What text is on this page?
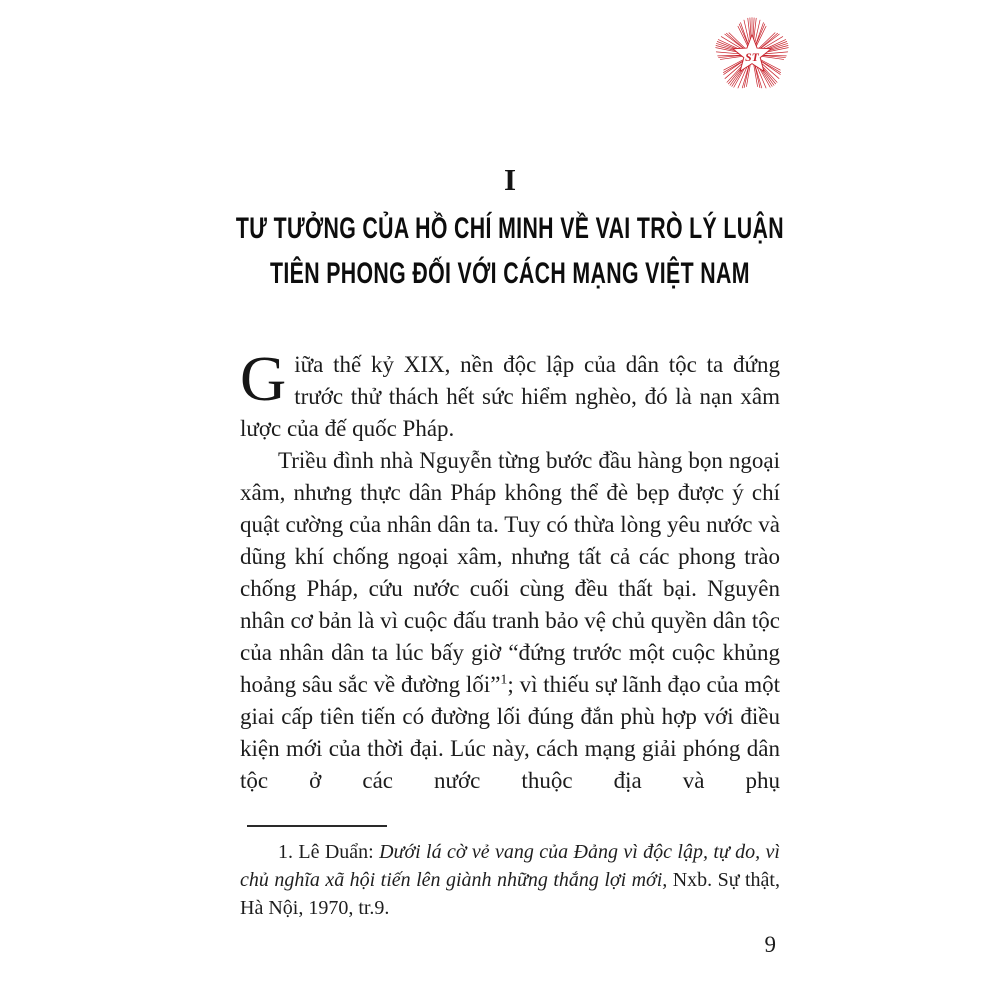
ST
I
TƯ TƯỞNG CỦA HỒ CHÍ MINH VỀ VAI TRÒ LÝ LUẬN
TIÊN PHONG ĐỐI VỚI CÁCH MẠNG VIỆT NAM

Giữa thế kỷ XIX, nền độc lập của dân tộc ta đứng trước thử thách hết sức hiểm nghèo, đó là nạn xâm lược của đế quốc Pháp.

Triều đình nhà Nguyễn từng bước đầu hàng bọn ngoại xâm, nhưng thực dân Pháp không thể đè bẹp được ý chí quật cường của nhân dân ta. Tuy có thừa lòng yêu nước và dũng khí chống ngoại xâm, nhưng tất cả các phong trào chống Pháp, cứu nước cuối cùng đều thất bại. Nguyên nhân cơ bản là vì cuộc đấu tranh bảo vệ chủ quyền dân tộc của nhân dân ta lúc bấy giờ “đứng trước một cuộc khủng hoảng sâu sắc về đường lối”$^1$; vì thiếu sự lãnh đạo của một giai cấp tiên tiến có đường lối đúng đắn phù hợp với điều kiện mới của thời đại. Lúc này, cách mạng giải phóng dân tộc ở các nước thuộc địa và phụ

1. Lê Duẩn: Dưới lá cờ vẻ vang của Đảng vì độc lập, tự do, vì chủ nghĩa xã hội tiến lên giành những thắng lợi mới, Nxb. Sự thật, Hà Nội, 1970, tr.9.
9
